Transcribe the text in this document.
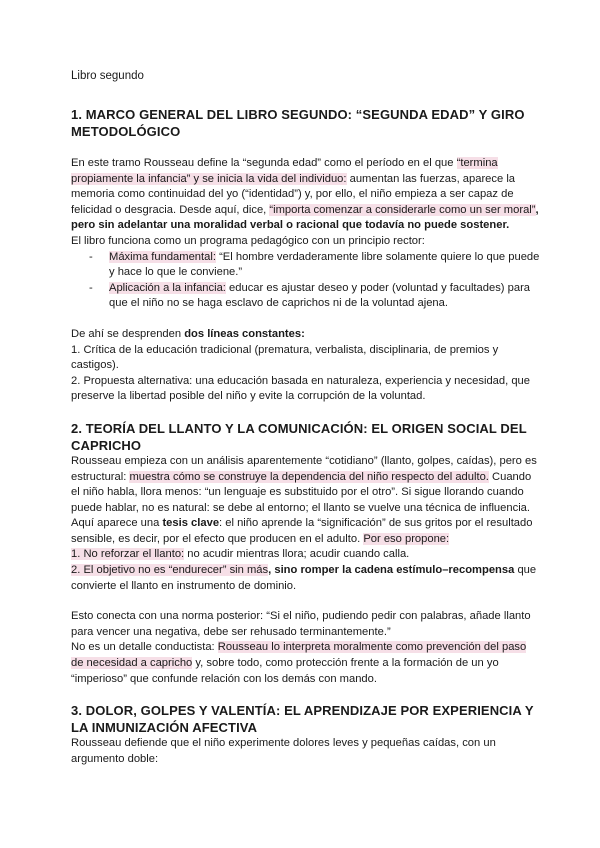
Libro segundo
1. MARCO GENERAL DEL LIBRO SEGUNDO: “SEGUNDA EDAD” Y GIRO METODOLÓGICO

En este tramo Rousseau define la “segunda edad” como el período en el que “termina propiamente la infancia” y se inicia la vida del individuo: aumentan las fuerzas, aparece la memoria como continuidad del yo (“identidad”) y, por ello, el niño empieza a ser capaz de felicidad o desgracia. Desde aquí, dice, “importa comenzar a considerarle como un ser moral”, pero sin adelantar una moralidad verbal o racional que todavía no puede sostener.

El libro funciona como un programa pedagógico con un principio rector:

- Máxima fundamental: “El hombre verdaderamente libre solamente quiere lo que puede y hace lo que le conviene.”
- Aplicación a la infancia: educar es ajustar deseo y poder (voluntad y facultades) para que el niño no se haga esclavo de caprichos ni de la voluntad ajena.

De ahí se desprenden dos líneas constantes:

1. Crítica de la educación tradicional (prematura, verbalista, disciplinaria, de premios y castigos).

2. Propuesta alternativa: una educación basada en naturaleza, experiencia y necesidad, que preserve la libertad posible del niño y evite la corrupción de la voluntad.

2. TEORÍA DEL LLANTO Y LA COMUNICACIÓN: EL ORIGEN SOCIAL DEL CAPRICHO

Rousseau empieza con un análisis aparentemente “cotidiano” (llanto, golpes, caídas), pero es estructural: muestra cómo se construye la dependencia del niño respecto del adulto. Cuando el niño habla, llora menos: “un lenguaje es substituido por el otro”. Si sigue llorando cuando puede hablar, no es natural: se debe al entorno; el llanto se vuelve una técnica de influencia.

Aquí aparece una tesis clave: el niño aprende la “significación” de sus gritos por el resultado sensible, es decir, por el efecto que producen en el adulto. Por eso propone:

1. No reforzar el llanto: no acudir mientras llora; acudir cuando calla.

2. El objetivo no es “endurecer” sin más, sino romper la cadena estímulo–recompensa que convierte el llanto en instrumento de dominio.

Esto conecta con una norma posterior: “Si el niño, pudiendo pedir con palabras, añade llanto para vencer una negativa, debe ser rehusado terminantemente.”

No es un detalle conductista: Rousseau lo interpreta moralmente como prevención del paso de necesidad a capricho y, sobre todo, como protección frente a la formación de un yo “imperioso” que confunde relación con los demás con mando.

3. DOLOR, GOLPES Y VALENTÍA: EL APRENDIZAJE POR EXPERIENCIA Y LA INMUNIZACIÓN AFECTIVA

Rousseau defiende que el niño experimente dolores leves y pequeñas caídas, con un argumento doble:
